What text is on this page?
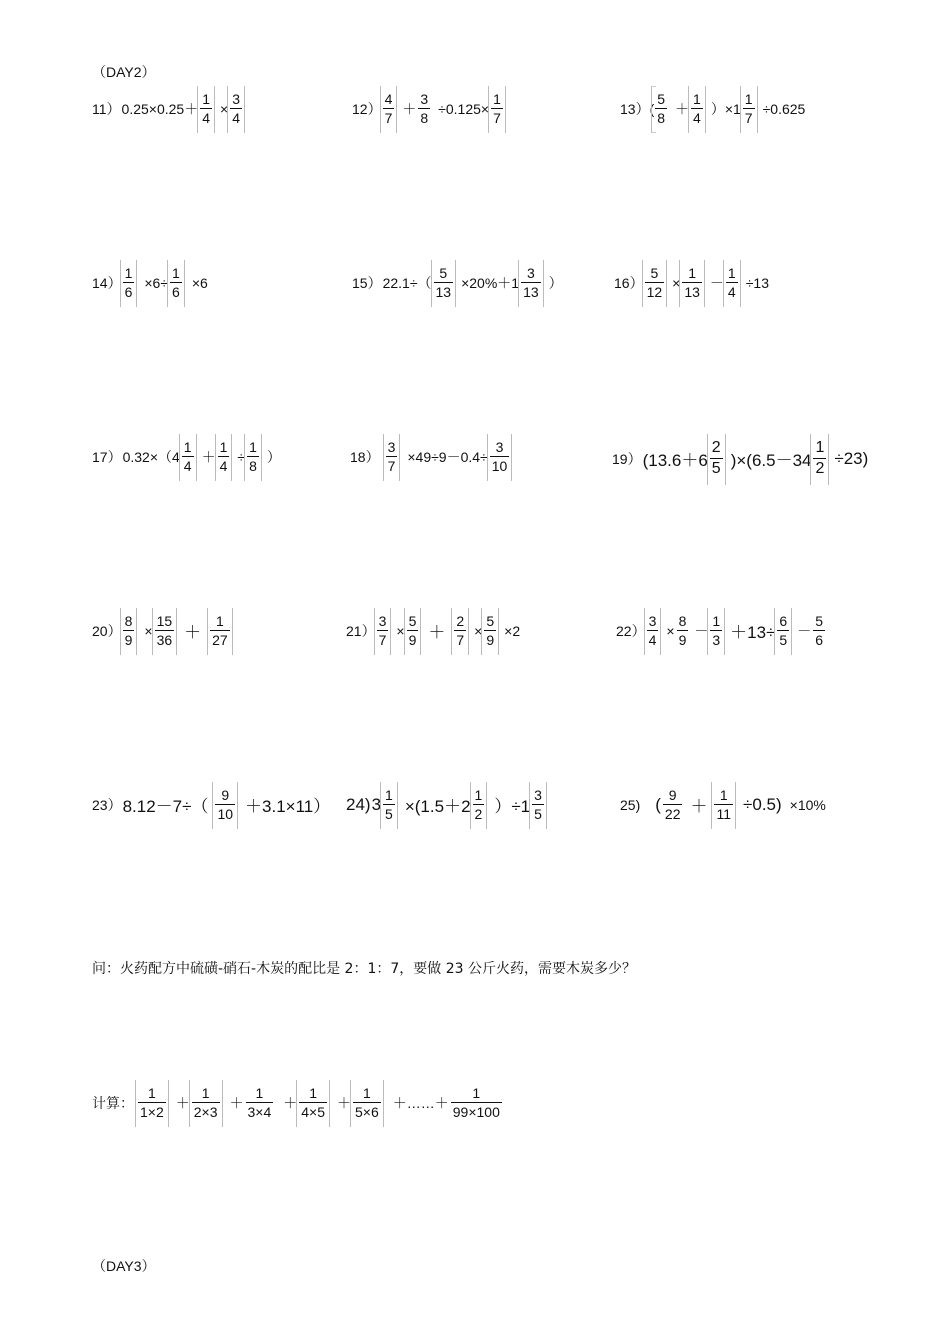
（DAY2）
11） $0.25\times 0.25+ \frac{1}{4} \times \frac{3}{4}$	$12) \frac{4}{7} + \frac{3}{8} \div 0.125\times \frac{1}{7}$	$13)( \frac{5}{8} + \frac{1}{4} )\times 1 \frac{1}{7} \div 0.625$
$14) \frac{1}{6} \times 6\div \frac{1}{6} \times 6$	15） $22.1\div( \frac{5}{13} \times 20\%+1 \frac{3}{13}$ ）	$16) \frac{5}{12} \times \frac{1}{13} - \frac{1}{4} \div 13$
17） $0.32\times(4 \frac{1}{4} + \frac{1}{4} \div \frac{1}{8}$ ）	$18) \frac{3}{7} \times 49\div 9-0.4\div \frac{3}{10}$	19） $(13.6+6 \frac{2}{5} )\times(6.5-34 \frac{1}{2} \div 23)$
$20) \frac{8}{9} \times \frac{15}{36} + \frac{1}{27}$	$21) \frac{3}{7} \times \frac{5}{9} + \frac{2}{7} \times \frac{5}{9} \times 2$	$22) \frac{3}{4} \times \frac{8}{9} - \frac{1}{3} +13\div \frac{6}{5} - \frac{5}{6}$
23） $8.12-7\div( \frac{9}{10} +3.1\times 11)$ 24) $3 \frac{1}{5} \times(1.5+2 \frac{1}{2} )\div 1 \frac{3}{5}$	25) ( $\frac{9}{22} + \frac{1}{11} \div 0.5) \times 10\%$
问：火药配方中硫磺-硝石-木炭的配比是 2：1：7，要做 23 公斤火药，需要木炭多少？
计算： $\frac{1}{1\times 2} + \frac{1}{2\times 3} + \frac{1}{3\times 4} + \frac{1}{4\times 5} + \frac{1}{5\times 6}$ ＋……＋ $\frac{1}{99\times 100}$
（DAY3）
